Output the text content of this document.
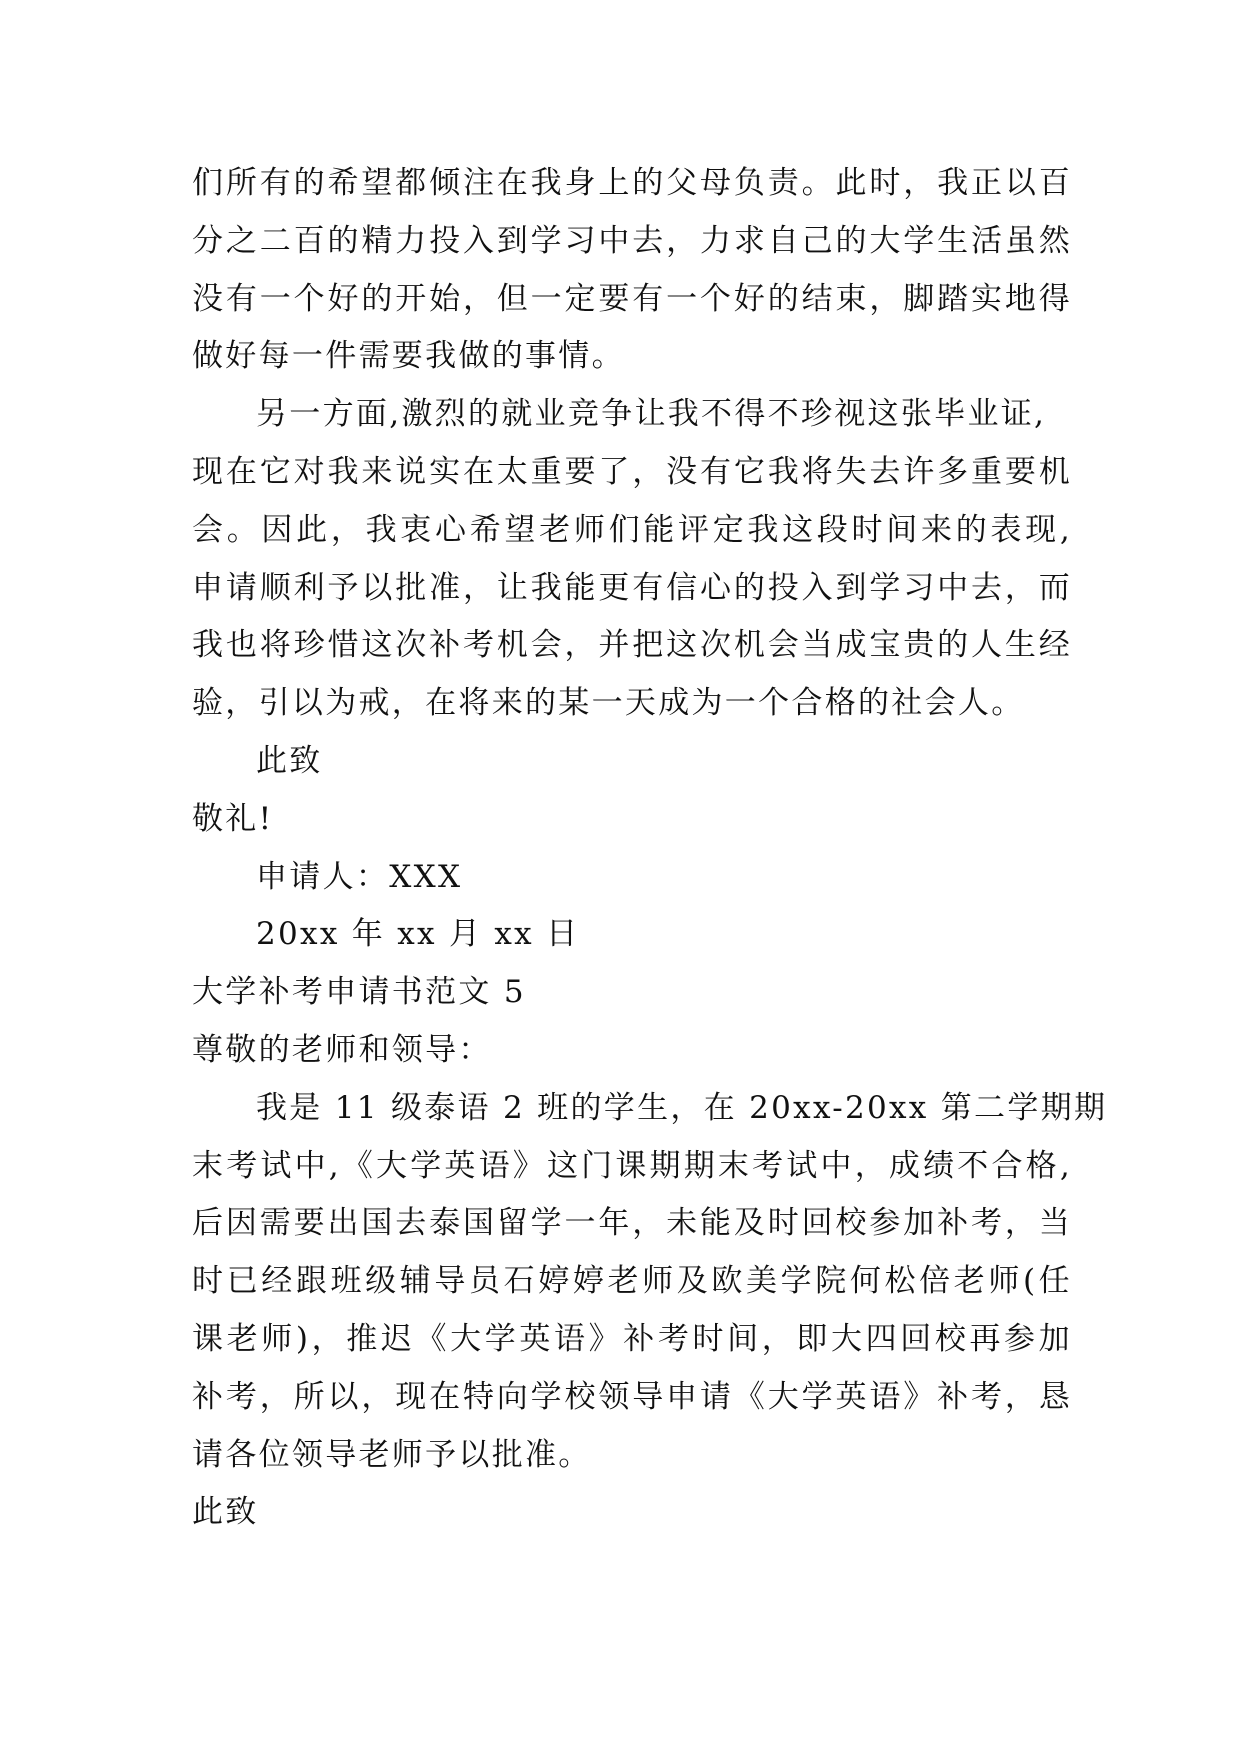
们所有的希望都倾注在我身上的父母负责。此时，我正以百
分之二百的精力投入到学习中去，力求自己的大学生活虽然
没有一个好的开始，但一定要有一个好的结束，脚踏实地得
做好每一件需要我做的事情。
另一方面,激烈的就业竞争让我不得不珍视这张毕业证,
现在它对我来说实在太重要了，没有它我将失去许多重要机
会。因此，我衷心希望老师们能评定我这段时间来的表现,
申请顺利予以批准，让我能更有信心的投入到学习中去，而
我也将珍惜这次补考机会，并把这次机会当成宝贵的人生经
验，引以为戒，在将来的某一天成为一个合格的社会人。
此致
敬礼!
申请人：XXX
20xx 年 xx 月 xx 日
大学补考申请书范文 5
尊敬的老师和领导：
我是 11 级泰语 2 班的学生，在 20xx-20xx 第二学期期
末考试中,《大学英语》这门课期期末考试中，成绩不合格,
后因需要出国去泰国留学一年，未能及时回校参加补考，当
时已经跟班级辅导员石婷婷老师及欧美学院何松倍老师(任
课老师)，推迟《大学英语》补考时间，即大四回校再参加
补考，所以，现在特向学校领导申请《大学英语》补考，恳
请各位领导老师予以批准。
此致
